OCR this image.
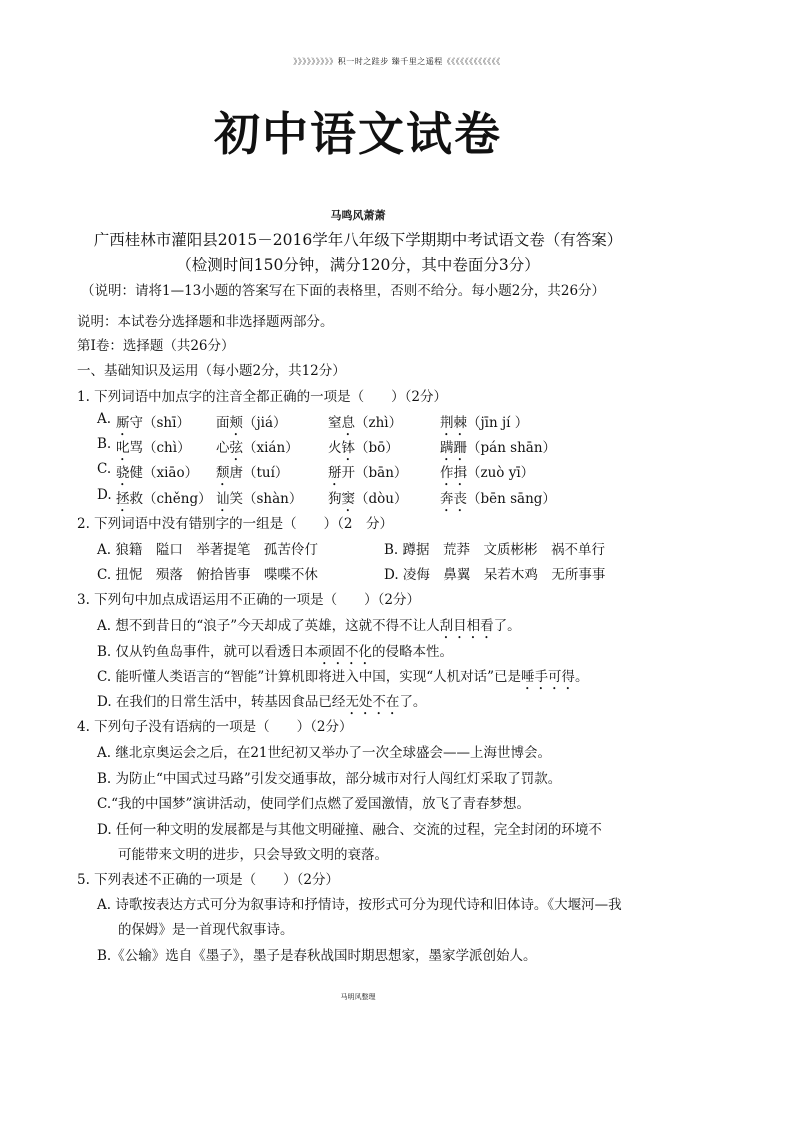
》》》》》》》》》积一时之跬步 臻千里之遥程《《《《《《《《《《《《
初中语文试卷
马鸣风萧萧
广西桂林市灌阳县2015－2016学年八年级下学期期中考试语文卷（有答案）
（检测时间150分钟，满分120分，其中卷面分3分）
（说明：请将1—13小题的答案写在下面的表格里，否则不给分。每小题2分，共26分）
说明：本试卷分选择题和非选择题两部分。
第Ⅰ卷：选择题（共26分）
一、基础知识及运用（每小题2分，共12分）
1. 下列词语中加点字的注音全都正确的一项是（　　）（2分）
A. 厮守（shī） 面颊（jiá）	窒息（zhì）	荆棘（jīn jí ）
B. 叱骂（chì） 心弦（xián） 火钵（bō）	蹒跚（pán shān）
C. 骁健（xiāo） 颓唐（tuí）	掰开（bān） 作揖（zuò yī）
D. 拯救（chěng） 讪笑（shàn） 狗窦（dòu） 奔丧（bēn sāng）
2. 下列词语中没有错别字的一组是（　　）（2　分）
A. 狼籍　隘口　举著提笔　孤苦伶仃	B. 蹲据　荒莽　文质彬彬　祸不单行
C. 扭怩　殒落　俯拾皆事　喋喋不休	D. 凌侮　鼻翼　呆若木鸡　无所事事
3. 下列句中加点成语运用不正确的一项是（　　）（2分）
A. 想不到昔日的“浪子”今天却成了英雄，这就不得不让人刮目相看了。
B. 仅从钓鱼岛事件，就可以看透日本顽固不化的侵略本性。
C. 能听懂人类语言的“智能”计算机即将进入中国，实现“人机对话”已是唾手可得。
D. 在我们的日常生活中，转基因食品已经无处不在了。
4. 下列句子没有语病的一项是（　　）（2分）
A. 继北京奥运会之后，在21世纪初又举办了一次全球盛会——上海世博会。
B. 为防止“中国式过马路”引发交通事故，部分城市对行人闯红灯采取了罚款。
C.“我的中国梦”演讲活动，使同学们点燃了爱国激情，放飞了青春梦想。
D. 任何一种文明的发展都是与其他文明碰撞、融合、交流的过程，完全封闭的环境不
可能带来文明的进步，只会导致文明的衰落。
5. 下列表述不正确的一项是（　　）（2分）
A. 诗歌按表达方式可分为叙事诗和抒情诗，按形式可分为现代诗和旧体诗。《大堰河—我
的保姆》是一首现代叙事诗。
B.《公输》选自《墨子》，墨子是春秋战国时期思想家，墨家学派创始人。
马明风整理
